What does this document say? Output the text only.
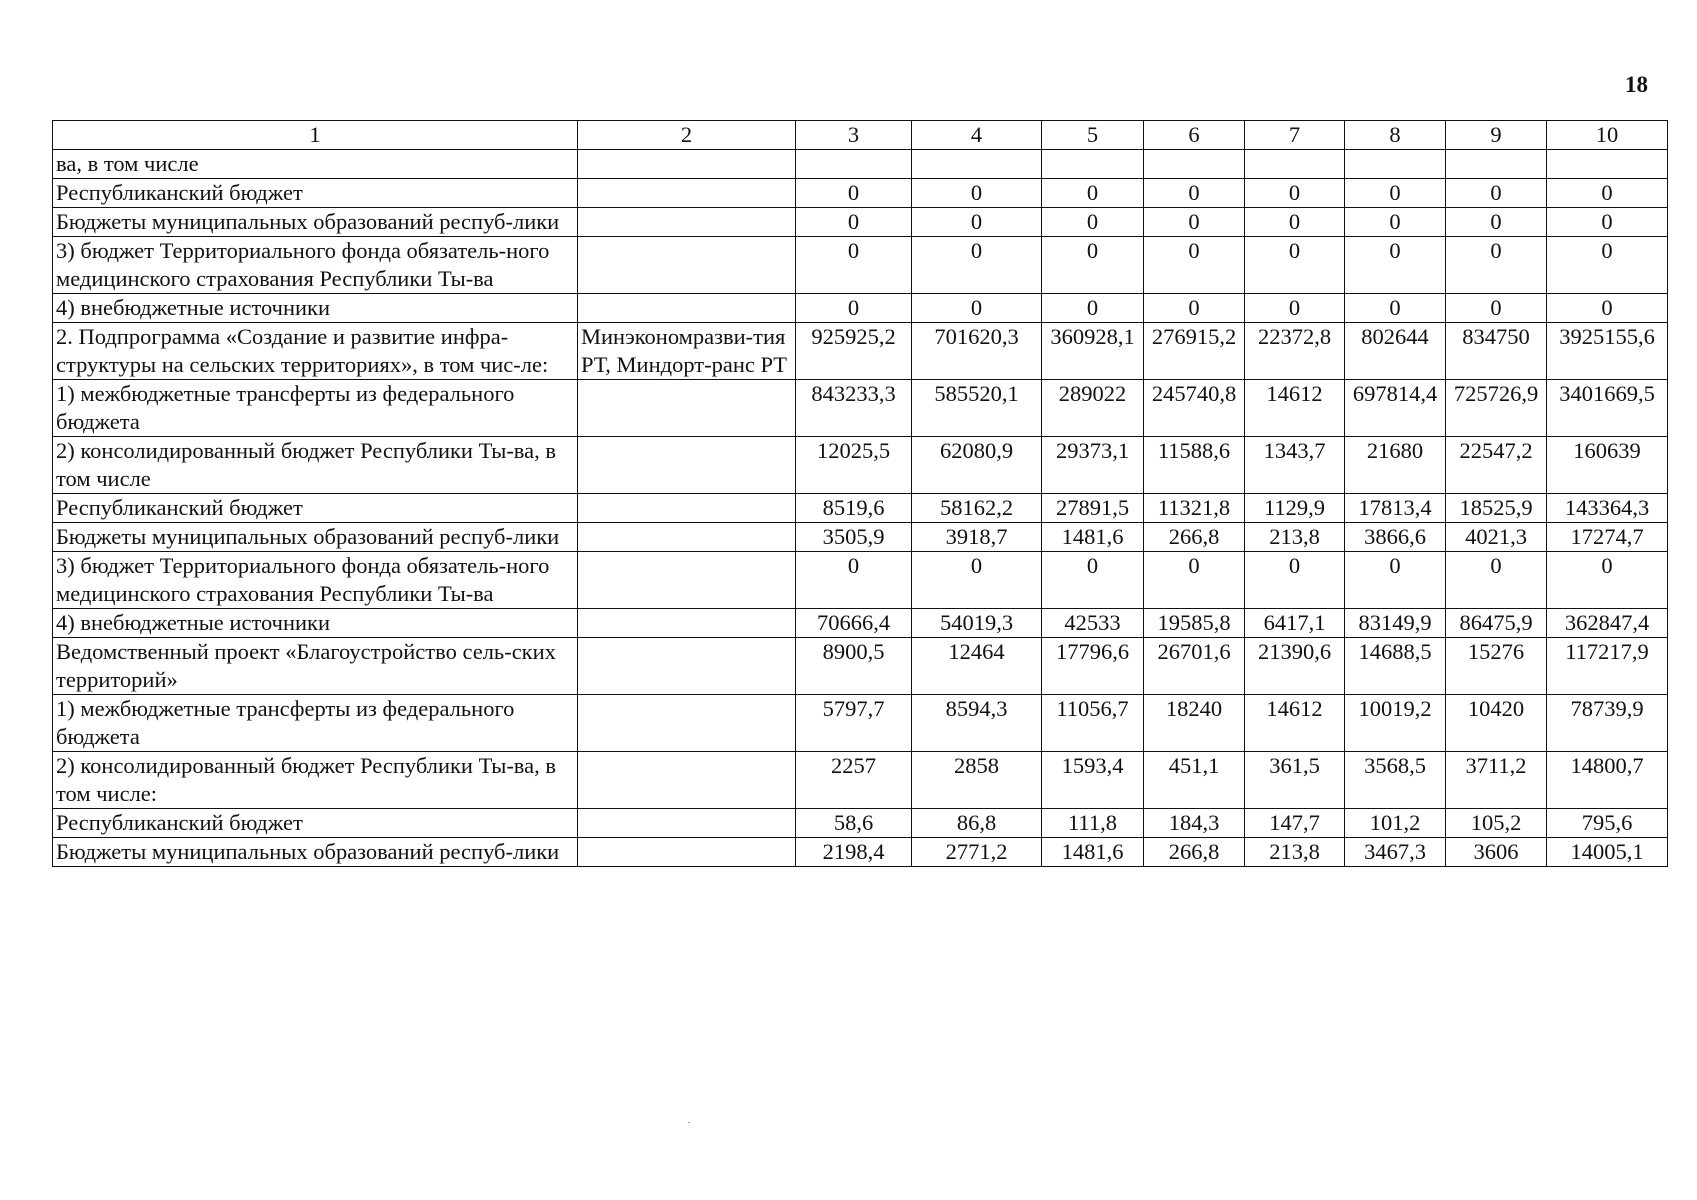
18
1	2	3	4	5	6	7	8	9	10
ва, в том числе									
Республиканский бюджет		0	0	0	0	0	0	0	0
Бюджеты муниципальных образований респуб-лики		0	0	0	0	0	0	0	0
3) бюджет Территориального фонда обязатель-ного медицинского страхования Республики Ты-ва		0	0	0	0	0	0	0	0
4) внебюджетные источники		0	0	0	0	0	0	0	0
2. Подпрограмма «Создание и развитие инфра-структуры на сельских территориях», в том чис-ле:	Минэкономразви-тия РТ, Миндорт-ранс РТ	925925,2	701620,3	360928,1	276915,2	22372,8	802644	834750	3925155,6
1) межбюджетные трансферты из федерального бюджета		843233,3	585520,1	289022	245740,8	14612	697814,4	725726,9	3401669,5
2) консолидированный бюджет Республики Ты-ва, в том числе		12025,5	62080,9	29373,1	11588,6	1343,7	21680	22547,2	160639
Республиканский бюджет		8519,6	58162,2	27891,5	11321,8	1129,9	17813,4	18525,9	143364,3
Бюджеты муниципальных образований респуб-лики		3505,9	3918,7	1481,6	266,8	213,8	3866,6	4021,3	17274,7
3) бюджет Территориального фонда обязатель-ного медицинского страхования Республики Ты-ва		0	0	0	0	0	0	0	0
4) внебюджетные источники		70666,4	54019,3	42533	19585,8	6417,1	83149,9	86475,9	362847,4
Ведомственный проект «Благоустройство сель-ских территорий»		8900,5	12464	17796,6	26701,6	21390,6	14688,5	15276	117217,9
1) межбюджетные трансферты из федерального бюджета		5797,7	8594,3	11056,7	18240	14612	10019,2	10420	78739,9
2) консолидированный бюджет Республики Ты-ва, в том числе:		2257	2858	1593,4	451,1	361,5	3568,5	3711,2	14800,7
Республиканский бюджет		58,6	86,8	111,8	184,3	147,7	101,2	105,2	795,6
Бюджеты муниципальных образований респуб-лики		2198,4	2771,2	1481,6	266,8	213,8	3467,3	3606	14005,1
